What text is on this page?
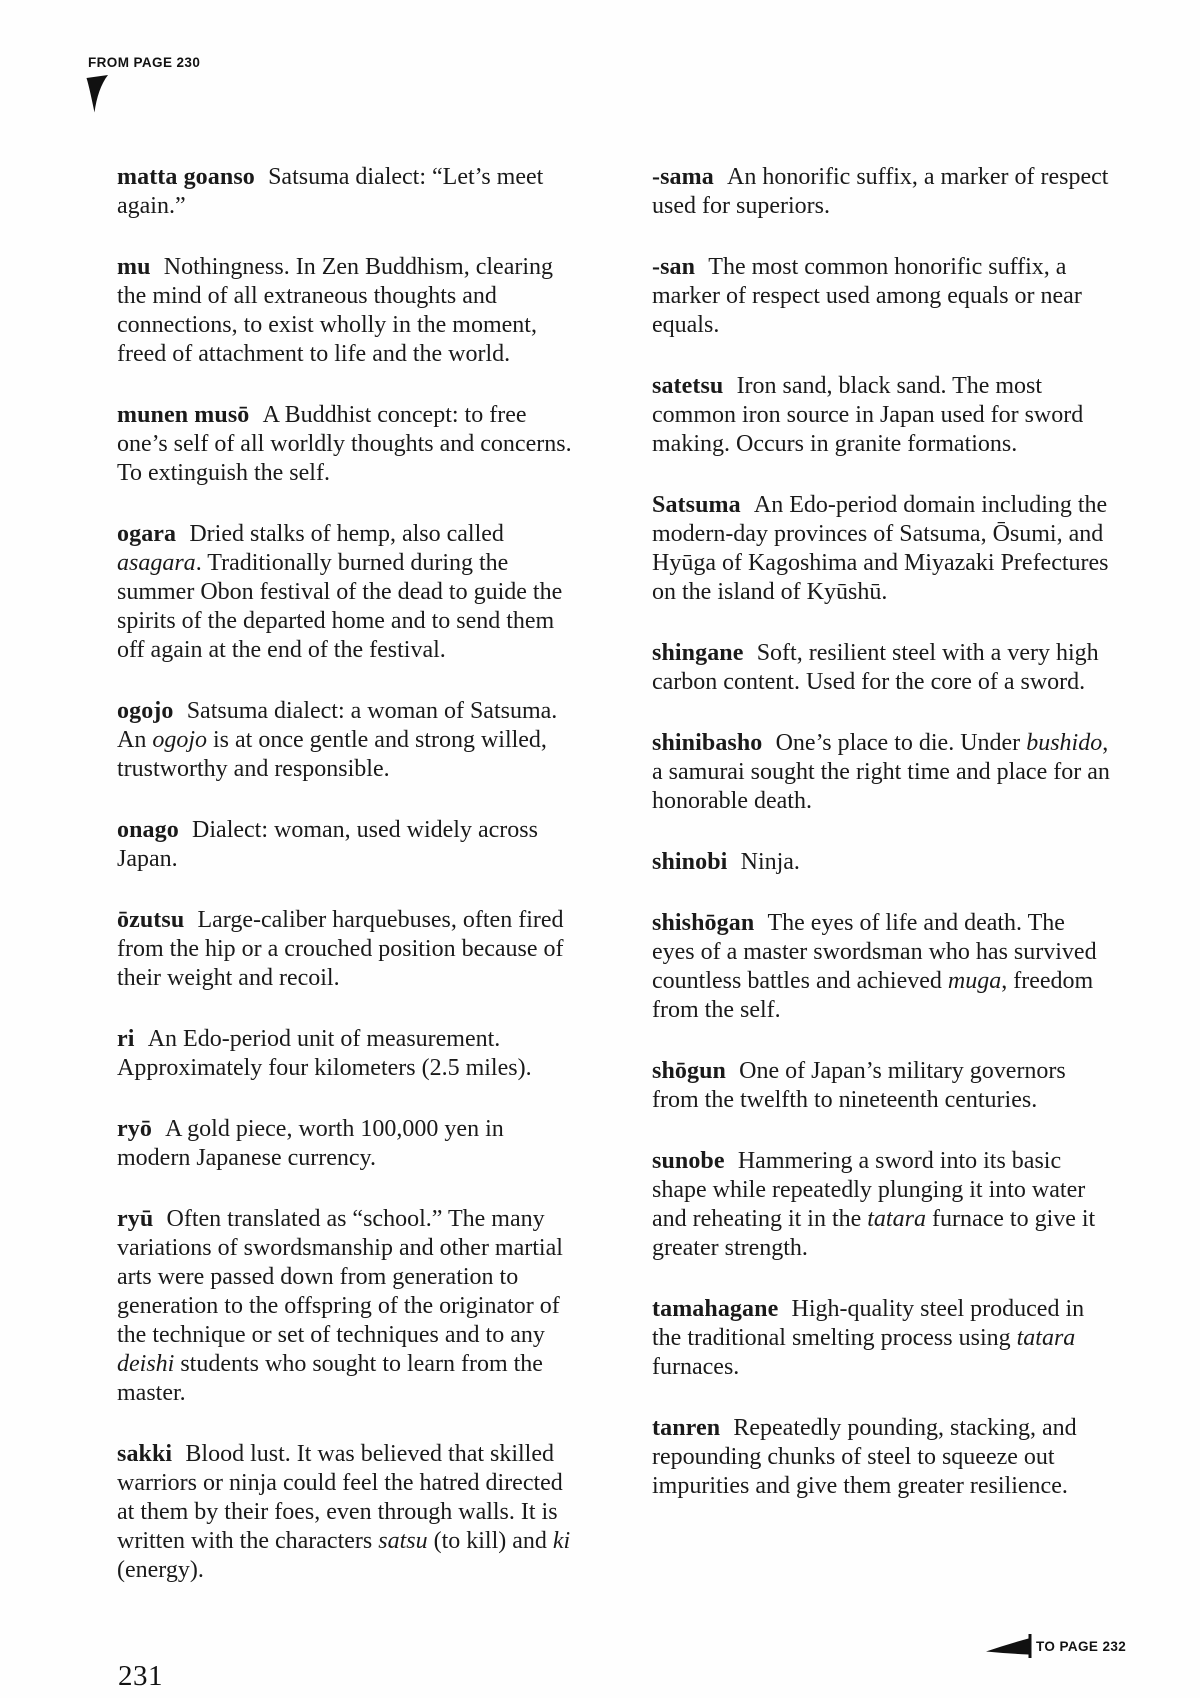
FROM PAGE 230

matta goanso Satsuma dialect: “Let’s meet again.”

mu Nothingness. In Zen Buddhism, clearing the mind of all extraneous thoughts and connections, to exist wholly in the moment, freed of attachment to life and the world.

munen musō A Buddhist concept: to free one’s self of all worldly thoughts and concerns. To extinguish the self.

ogara Dried stalks of hemp, also called asagara. Traditionally burned during the summer Obon festival of the dead to guide the spirits of the departed home and to send them off again at the end of the festival.

ogojo Satsuma dialect: a woman of Satsuma. An ogojo is at once gentle and strong willed, trustworthy and responsible.

onago Dialect: woman, used widely across Japan.

ōzutsu Large-caliber harquebuses, often fired from the hip or a crouched position because of their weight and recoil.

ri An Edo-period unit of measurement. Approximately four kilometers (2.5 miles).

ryō A gold piece, worth 100,000 yen in modern Japanese currency.

ryū Often translated as “school.” The many variations of swordsmanship and other martial arts were passed down from generation to generation to the offspring of the originator of the technique or set of techniques and to any deishi students who sought to learn from the master.

sakki Blood lust. It was believed that skilled warriors or ninja could feel the hatred directed at them by their foes, even through walls. It is written with the characters satsu (to kill) and ki (energy).

-sama An honorific suffix, a marker of respect used for superiors.

-san The most common honorific suffix, a marker of respect used among equals or near equals.

satetsu Iron sand, black sand. The most common iron source in Japan used for sword making. Occurs in granite formations.

Satsuma An Edo-period domain including the modern-day provinces of Satsuma, Ōsumi, and Hyūga of Kagoshima and Miyazaki Prefectures on the island of Kyūshū.

shingane Soft, resilient steel with a very high carbon content. Used for the core of a sword.

shinibasho One’s place to die. Under bushido, a samurai sought the right time and place for an honorable death.

shinobi Ninja.

shishōgan The eyes of life and death. The eyes of a master swordsman who has survived countless battles and achieved muga, freedom from the self.

shōgun One of Japan’s military governors from the twelfth to nineteenth centuries.

sunobe Hammering a sword into its basic shape while repeatedly plunging it into water and reheating it in the tatara furnace to give it greater strength.

tamahagane High-quality steel produced in the traditional smelting process using tatara furnaces.

tanren Repeatedly pounding, stacking, and repounding chunks of steel to squeeze out impurities and give them greater resilience.

231
TO PAGE 232
